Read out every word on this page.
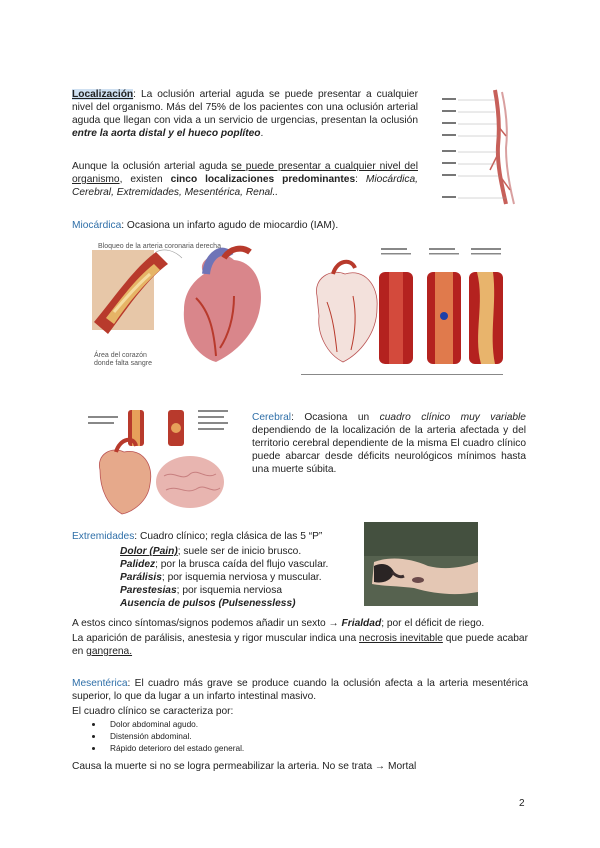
Localización: La oclusión arterial aguda se puede presentar a cualquier nivel del organismo. Más del 75% de los pacientes con una oclusión arterial aguda que llegan con vida a un servicio de urgencias, presentan la oclusión entre la aorta distal y el hueco poplíteo.

Aunque la oclusión arterial aguda se puede presentar a cualquier nivel del organismo, existen cinco localizaciones predominantes: Miocárdica, Cerebral, Extremidades, Mesentérica, Renal..

Miocárdica: Ocasiona un infarto agudo de miocardio (IAM).

Bloqueo de la arteria coronaria derecha
Área del corazón
donde falta sangre

Cerebral: Ocasiona un cuadro clínico muy variable dependiendo de la localización de la arteria afectada y del territorio cerebral dependiente de la misma El cuadro clínico puede abarcar desde déficits neurológicos mínimos hasta una muerte súbita.

Extremidades: Cuadro clínico; regla clásica de las 5 “P”

Dolor (Pain); suele ser de inicio brusco.
Palidez; por la brusca caída del flujo vascular.
Parálisis; por isquemia nerviosa y muscular.
Parestesias; por isquemia nerviosa
Ausencia de pulsos (Pulsenessless)

A estos cinco síntomas/signos podemos añadir un sexto → Frialdad; por el déficit de riego.

La aparición de parálisis, anestesia y rigor muscular indica una necrosis inevitable que puede acabar en gangrena.

Mesentérica: El cuadro más grave se produce cuando la oclusión afecta a la arteria mesentérica superior, lo que da lugar a un infarto intestinal masivo.

El cuadro clínico se caracteriza por:
• Dolor abdominal agudo.
• Distensión abdominal.
• Rápido deterioro del estado general.
Causa la muerte si no se logra permeabilizar la arteria. No se trata → Mortal
2
